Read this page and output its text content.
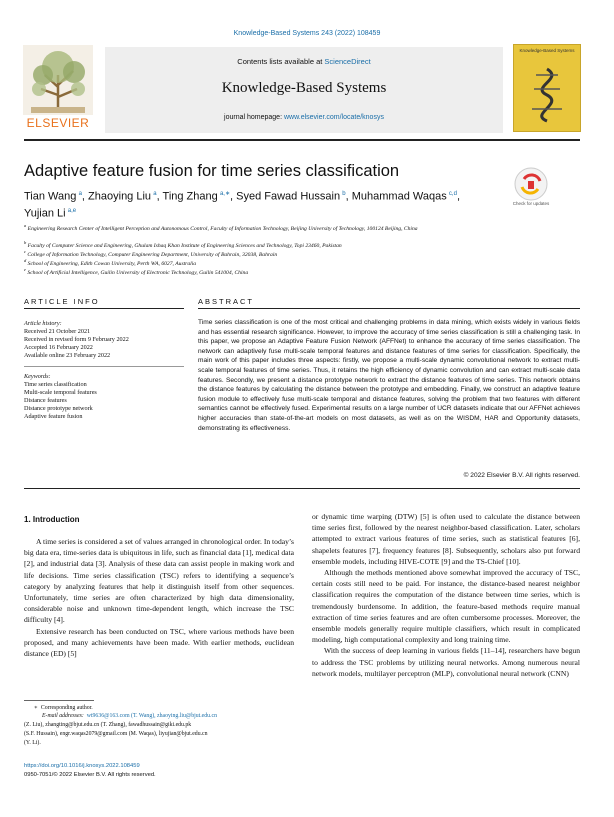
Knowledge-Based Systems 243 (2022) 108459
ELSEVIER
Contents lists available at ScienceDirect
Knowledge-Based Systems
journal homepage: www.elsevier.com/locate/knosys
Knowledge-Based Systems
Adaptive feature fusion for time series classification
Check for updates
Tian Wang  $^a$, Zhaoying Liu  $^a$, Ting Zhang  $^{a,∗}$, Syed Fawad Hussain  $^b$, Muhammad Waqas  $^{c,d}$,
Yujian Li  $^{a,e}$
$^a$ Engineering Research Center of Intelligent Perception and Autonomous Control, Faculty of Information Technology, Beijing University of Technology, 100124 Beijing, China
$^b$ Faculty of Computer Science and Engineering, Ghulam Ishaq Khan Institute of Engineering Sciences and Technology, Topi 23460, Pakistan
$^c$ College of Information Technology, Computer Engineering Department, University of Bahrain, 32038, Bahrain
$^d$ School of Engineering, Edith Cowan University, Perth WA, 6027, Australia
$^e$ School of Artificial Intelligence, Guilin University of Electronic Technology, Guilin 541004, China
ARTICLE INFO
Article history:
Received 21 October 2021
Received in revised form 9 February 2022
Accepted 16 February 2022
Available online 23 February 2022
Keywords:
Time series classification
Multi-scale temporal features
Distance features
Distance prototype network
Adaptive feature fusion
ABSTRACT
Time series classification is one of the most critical and challenging problems in data mining, which exists widely in various fields and has essential research significance. However, to improve the accuracy of time series classification is still a challenging task. In this paper, we propose an Adaptive Feature Fusion Network (AFFNet) to enhance the accuracy of time series classification. The network can adaptively fuse multi-scale temporal features and distance features of time series for classification. Specifically, the main work of this paper includes three aspects: firstly, we propose a multi-scale dynamic convolutional network to extract multi-scale temporal features of time series. Thus, it retains the high efficiency of dynamic convolution and can extract multi-scale data features. Secondly, we present a distance prototype network to extract the distance features of time series. This network obtains the distance features by calculating the distance between the prototype and embedding. Finally, we construct an adaptive feature fusion module to effectively fuse multi-scale temporal and distance features, solving the problem that two features with different semantics cannot be effectively fused. Experimental results on a large number of UCR datasets indicate that our AFFNet achieves higher accuracies than state-of-the-art models on most datasets, as well as on the WISDM, HAR and Opportunity datasets, demonstrating its effectiveness.
© 2022 Elsevier B.V. All rights reserved.
1. Introduction

A time series is considered a set of values arranged in chronological order. In today’s big data era, time-series data is ubiquitous in life, such as financial data [1], medical data [2], and industrial data [3]. Analysis of these data can assist people in making work and life decisions. Time series classification (TSC) refers to identifying a sequence’s category by analyzing features that help it distinguish itself from other sequences. Unfortunately, time series are often characterized by high data dimensionality, considerable noise and unknown time-dependent length, which increase the TSC difficulty [4].

Extensive research has been conducted on TSC, where various methods have been proposed, and many achievements have been made. With earlier methods, euclidean distance (ED) [5]

∗  Corresponding author.
E-mail addresses: wt9636@163.com (T. Wang), zhaoying.liu@bjut.edu.cn
(Z. Liu), zhangting@bjut.edu.cn (T. Zhang), fawadhussain@giki.edu.pk
(S.F. Hussain), engr.waqas2079@gmail.com (M. Waqas), liyujian@bjut.edu.cn
(Y. Li).
https://doi.org/10.1016/j.knosys.2022.108459
0950-7051/© 2022 Elsevier B.V. All rights reserved.

or dynamic time warping (DTW) [5] is often used to calculate the distance between time series first, followed by the nearest neighbor-based classification. Later, scholars attempted to extract various features of time series, such as statistical features [6], shapelets features [7], frequency features [8]. Subsequently, scholars also put forward ensemble models, including HIVE-COTE [9] and the TS-Chief [10].

Although the methods mentioned above somewhat improved the accuracy of TSC, certain costs still need to be paid. For instance, the distance-based nearest neighbor classification requires the computation of the distance between time series, which is tremendously burdensome. In addition, the feature-based methods require manual extraction of time series features and are often cumbersome processes. Moreover, the ensemble models generally require multiple classifiers, which result in complicated modeling, high computational complexity and long training time.

With the success of deep learning in various fields [11–14], researchers have begun to address the TSC problems by utilizing neural networks. Among numerous neural network models, multilayer perceptron (MLP), convolutional neural network (CNN)
